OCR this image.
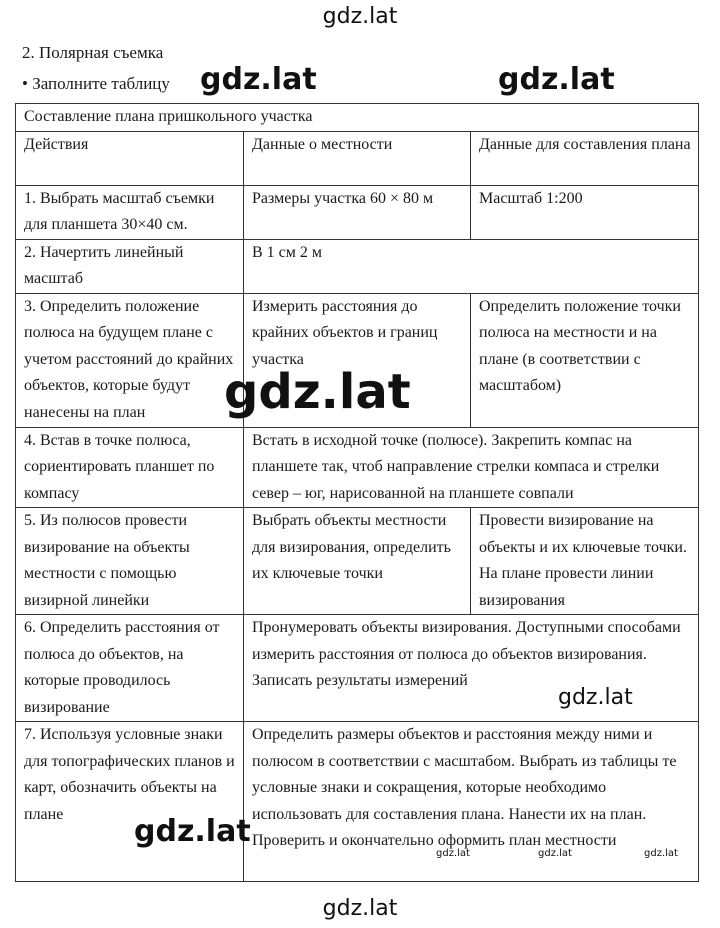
gdz.lat
2. Полярная съемка
• Заполните таблицу
Составление плана пришкольного участка		
Действия	Данные о местности	Данные для составления плана
1. Выбрать масштаб съемки для планшета 30×40 см.	Размеры участка 60 × 80 м	Масштаб 1:200
2. Начертить линейный масштаб	В 1 см 2 м	
3. Определить положение полюса на будущем плане с учетом расстояний до крайних объектов, которые будут нанесены на план	Измерить расстояния до крайних объектов и границ участка	Определить положение точки полюса на местности и на плане (в соответствии с масштабом)
4. Встав в точке полюса, сориентировать планшет по компасу	Встать в исходной точке (полюсе). Закрепить компас на планшете так, чтоб направление стрелки компаса и стрелки север – юг, нарисованной на планшете совпали	
5. Из полюсов провести визирование на объекты местности с помощью визирной линейки	Выбрать объекты местности для визирования, определить их ключевые точки	Провести визирование на объекты и их ключевые точки. На плане провести линии визирования
6. Определить расстояния от полюса до объектов, на которые проводилось визирование	Пронумеровать объекты визирования. Доступными способами измерить расстояния от полюса до объектов визирования. Записать результаты измерений	
7. Используя условные знаки для топографических планов и карт, обозначить объекты на плане	Определить размеры объектов и расстояния между ними и полюсом в соответствии с масштабом. Выбрать из таблицы те условные знаки и сокращения, которые необходимо использовать для составления плана. Нанести их на план. Проверить и окончательно оформить план местности	
gdz.lat	gdz.lat
gdz.lat
gdz.lat
gdz.lat
gdz.lat	gdz.lat	gdz.lat
gdz.lat
